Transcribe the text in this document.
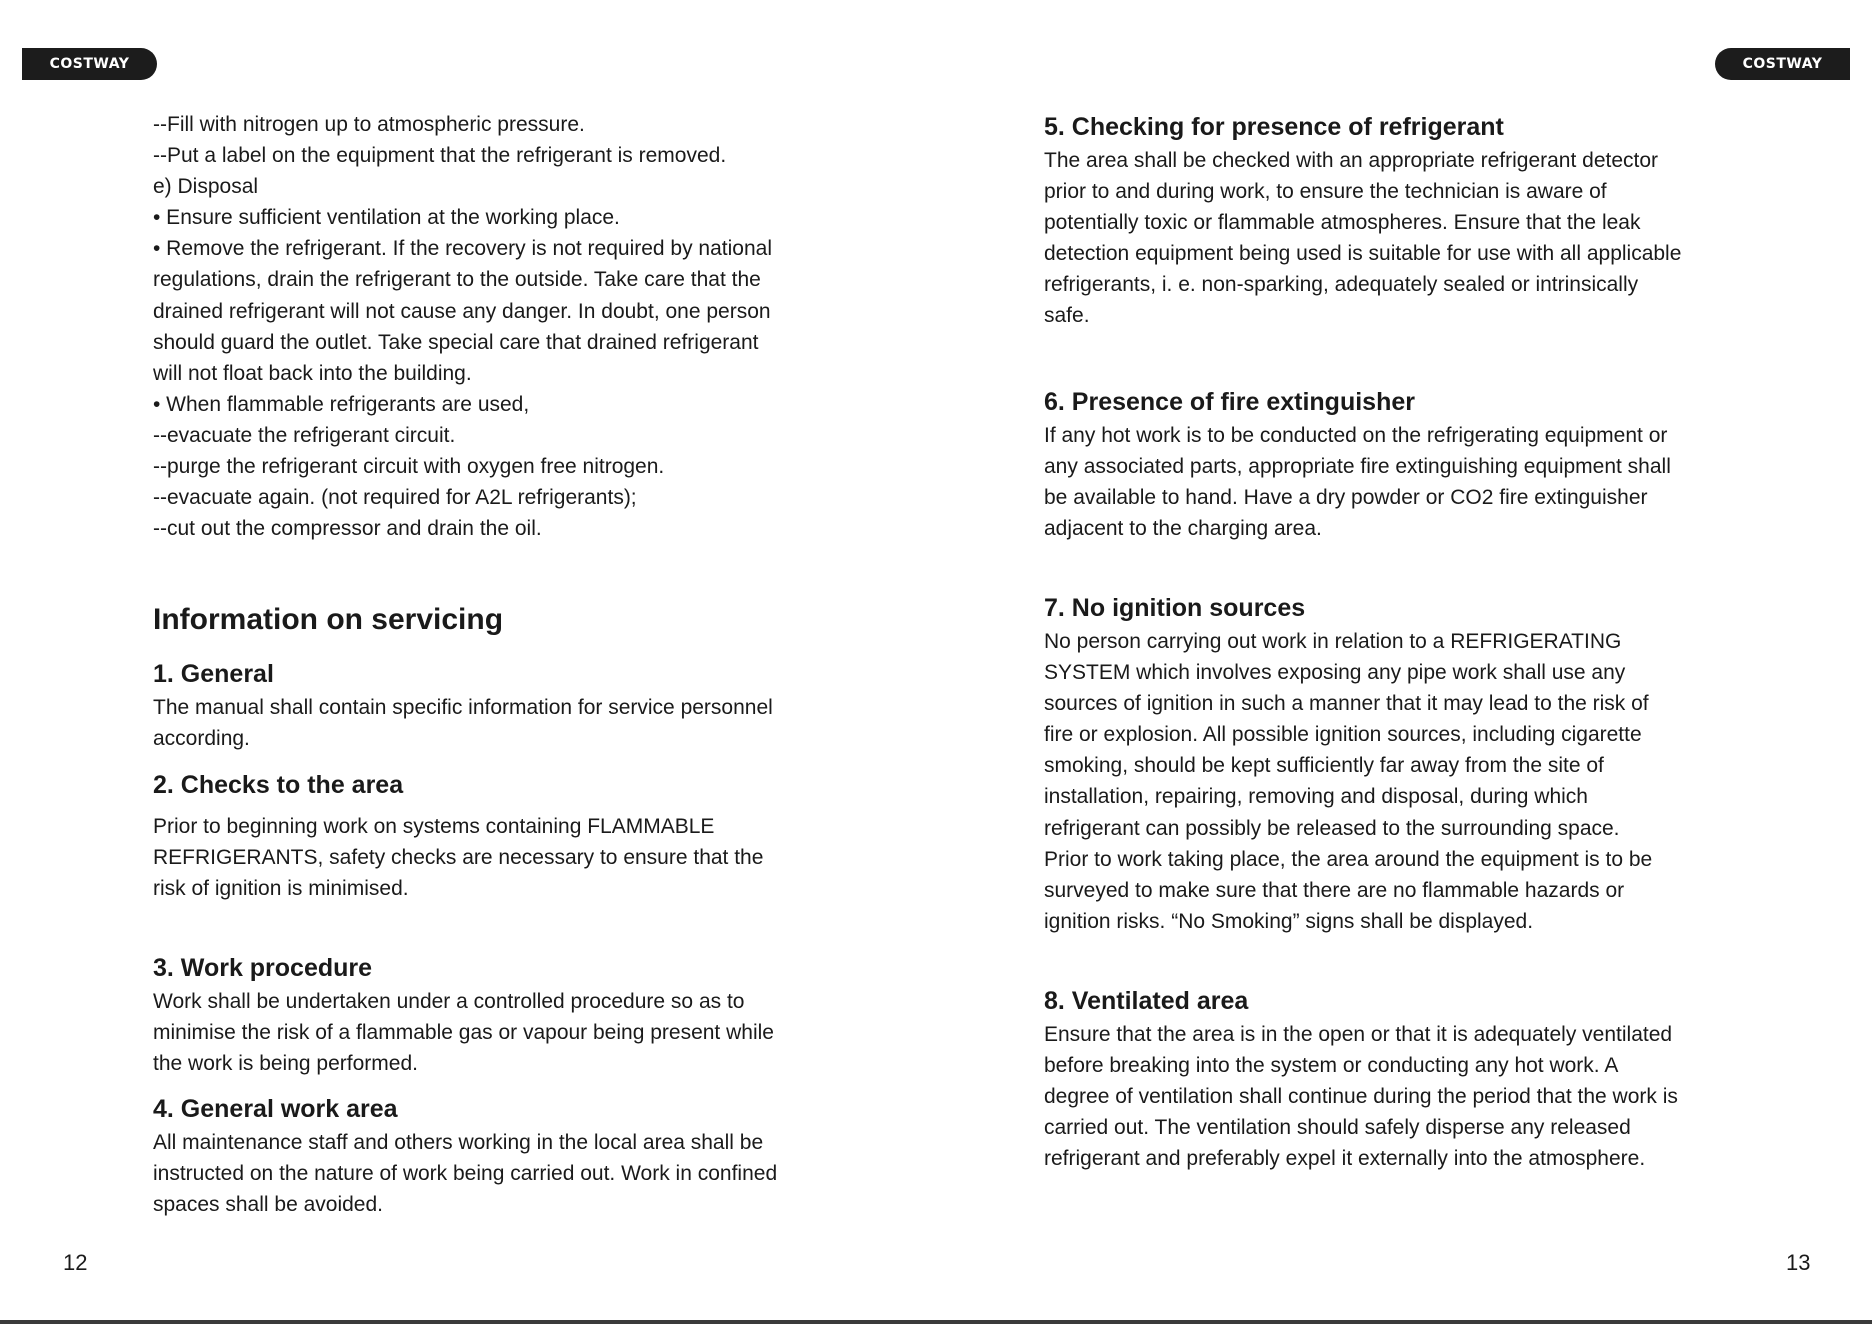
COSTWAY
--Fill with nitrogen up to atmospheric pressure.
--Put a label on the equipment that the refrigerant is removed.
e) Disposal
• Ensure sufficient ventilation at the working place.
• Remove the refrigerant. If the recovery is not required by national
regulations, drain the refrigerant to the outside. Take care that the
drained refrigerant will not cause any danger. In doubt, one person
should guard the outlet. Take special care that drained refrigerant
will not float back into the building.
• When flammable refrigerants are used,
--evacuate the refrigerant circuit.
--purge the refrigerant circuit with oxygen free nitrogen.
--evacuate again. (not required for A2L refrigerants);
--cut out the compressor and drain the oil.
Information on servicing
1. General
The manual shall contain specific information for service personnel
according.
2. Checks to the area
Prior to beginning work on systems containing FLAMMABLE
REFRIGERANTS, safety checks are necessary to ensure that the
risk of ignition is minimised.
3. Work procedure
Work shall be undertaken under a controlled procedure so as to
minimise the risk of a flammable gas or vapour being present while
the work is being performed.
4. General work area
All maintenance staff and others working in the local area shall be
instructed on the nature of work being carried out. Work in confined
spaces shall be avoided.
12
COSTWAY
5. Checking for presence of refrigerant
The area shall be checked with an appropriate refrigerant detector
prior to and during work, to ensure the technician is aware of
potentially toxic or flammable atmospheres. Ensure that the leak
detection equipment being used is suitable for use with all applicable
refrigerants, i. e. non-sparking, adequately sealed or intrinsically
safe.
6. Presence of fire extinguisher
If any hot work is to be conducted on the refrigerating equipment or
any associated parts, appropriate fire extinguishing equipment shall
be available to hand. Have a dry powder or CO2 fire extinguisher
adjacent to the charging area.
7. No ignition sources
No person carrying out work in relation to a REFRIGERATING
SYSTEM which involves exposing any pipe work shall use any
sources of ignition in such a manner that it may lead to the risk of
fire or explosion. All possible ignition sources, including cigarette
smoking, should be kept sufficiently far away from the site of
installation, repairing, removing and disposal, during which
refrigerant can possibly be released to the surrounding space.
Prior to work taking place, the area around the equipment is to be
surveyed to make sure that there are no flammable hazards or
ignition risks. “No Smoking” signs shall be displayed.
8. Ventilated area
Ensure that the area is in the open or that it is adequately ventilated
before breaking into the system or conducting any hot work. A
degree of ventilation shall continue during the period that the work is
carried out. The ventilation should safely disperse any released
refrigerant and preferably expel it externally into the atmosphere.
13
